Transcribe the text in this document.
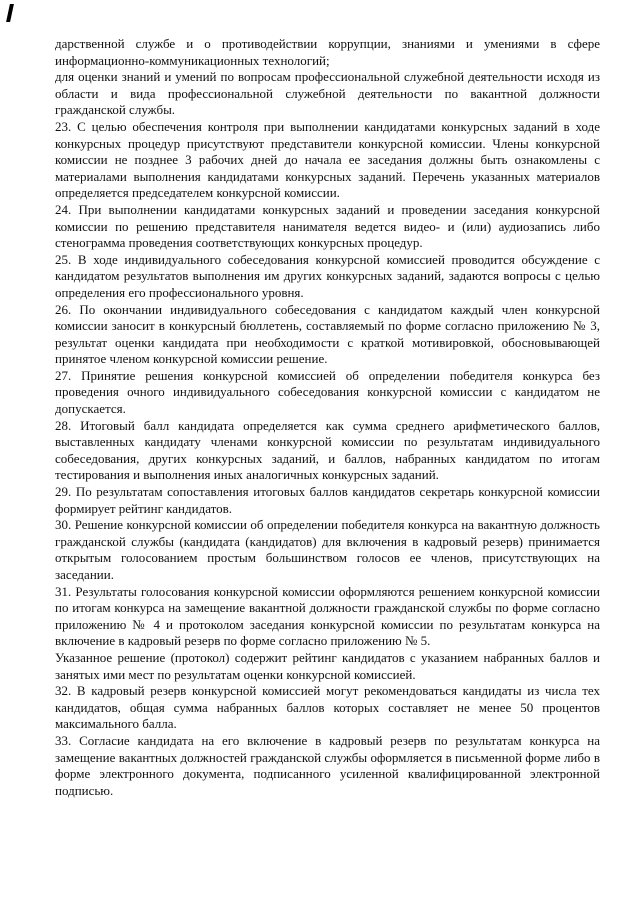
дарственной службе и о противодействии коррупции, знаниями и умениями в сфере информационно-коммуникационных технологий;

для оценки знаний и умений по вопросам профессиональной служебной деятельности исходя из области и вида профессиональной служебной деятельности по вакантной должности гражданской службы.

23. С целью обеспечения контроля при выполнении кандидатами конкурсных заданий в ходе конкурсных процедур присутствуют представители конкурсной комиссии. Члены конкурсной комиссии не позднее 3 рабочих дней до начала ее заседания должны быть ознакомлены с материалами выполнения кандидатами конкурсных заданий. Перечень указанных материалов определяется председателем конкурсной комиссии.

24. При выполнении кандидатами конкурсных заданий и проведении заседания конкурсной комиссии по решению представителя нанимателя ведется видео- и (или) аудиозапись либо стенограмма проведения соответствующих конкурсных процедур.

25. В ходе индивидуального собеседования конкурсной комиссией проводится обсуждение с кандидатом результатов выполнения им других конкурсных заданий, задаются вопросы с целью определения его профессионального уровня.

26. По окончании индивидуального собеседования с кандидатом каждый член конкурсной комиссии заносит в конкурсный бюллетень, составляемый по форме согласно приложению № 3, результат оценки кандидата при необходимости с краткой мотивировкой, обосновывающей принятое членом конкурсной комиссии решение.

27. Принятие решения конкурсной комиссией об определении победителя конкурса без проведения очного индивидуального собеседования конкурсной комиссии с кандидатом не допускается.

28. Итоговый балл кандидата определяется как сумма среднего арифметического баллов, выставленных кандидату членами конкурсной комиссии по результатам индивидуального собеседования, других конкурсных заданий, и баллов, набранных кандидатом по итогам тестирования и выполнения иных аналогичных конкурсных заданий.

29. По результатам сопоставления итоговых баллов кандидатов секретарь конкурсной комиссии формирует рейтинг кандидатов.

30. Решение конкурсной комиссии об определении победителя конкурса на вакантную должность гражданской службы (кандидата (кандидатов) для включения в кадровый резерв) принимается открытым голосованием простым большинством голосов ее членов, присутствующих на заседании.

31. Результаты голосования конкурсной комиссии оформляются решением конкурсной комиссии по итогам конкурса на замещение вакантной должности гражданской службы по форме согласно приложению № 4 и протоколом заседания конкурсной комиссии по результатам конкурса на включение в кадровый резерв по форме согласно приложению № 5.

Указанное решение (протокол) содержит рейтинг кандидатов с указанием набранных баллов и занятых ими мест по результатам оценки конкурсной комиссией.

32. В кадровый резерв конкурсной комиссией могут рекомендоваться кандидаты из числа тех кандидатов, общая сумма набранных баллов которых составляет не менее 50 процентов максимального балла.

33. Согласие кандидата на его включение в кадровый резерв по результатам конкурса на замещение вакантных должностей гражданской службы оформляется в письменной форме либо в форме электронного документа, подписанного усиленной квалифицированной электронной подписью.
